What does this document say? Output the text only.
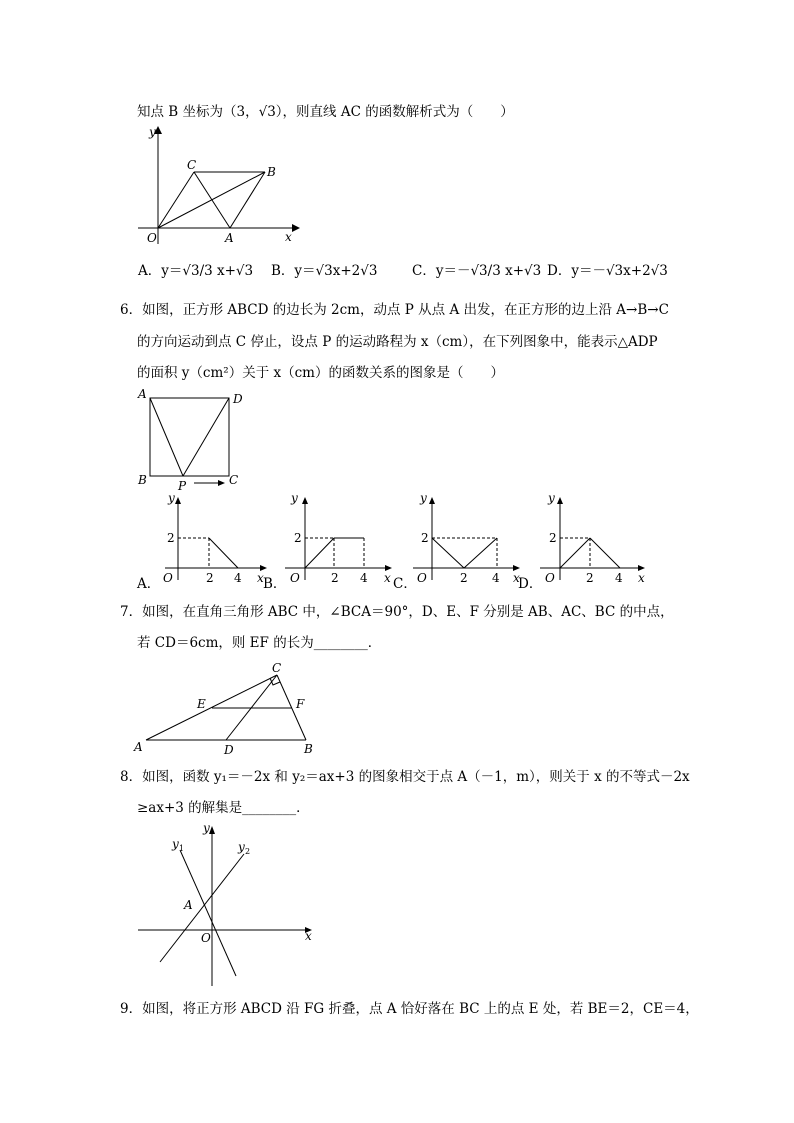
知点 B 坐标为（3，√3），则直线 AC 的函数解析式为（　　）
y
x
O	A
B
C
A．y＝√3/3 x+√3 B．y＝√3x+2√3	C．y＝－√3/3 x+√3 D．y＝－√3x+2√3
6．如图，正方形 ABCD 的边长为 2cm，动点 P 从点 A 出发，在正方形的边上沿 A→B→C
的方向运动到点 C 停止，设点 P 的运动路程为 x（cm），在下列图象中，能表示△ADP
的面积 y（cm²）关于 x（cm）的函数关系的图象是（　　）
A	D
B	C
P
y
2
O	2 4 x
y
2
O	2 4 x
y
2
O	2 4 x
y
2
O	2 4 x
A．	B．	C．	D．
7．如图，在直角三角形 ABC 中，∠BCA＝90°，D、E、F 分别是 AB、AC、BC 的中点，
若 CD＝6cm，则 EF 的长为________．
A	B
C
D
E	F
8．如图，函数 y₁＝－2x 和 y₂＝ax+3 的图象相交于点 A（－1，m），则关于 x 的不等式－2x
≥ax+3 的解集是________．
y
x
O
A
y 1	y 2
9．如图，将正方形 ABCD 沿 FG 折叠，点 A 恰好落在 BC 上的点 E 处，若 BE＝2，CE＝4，
